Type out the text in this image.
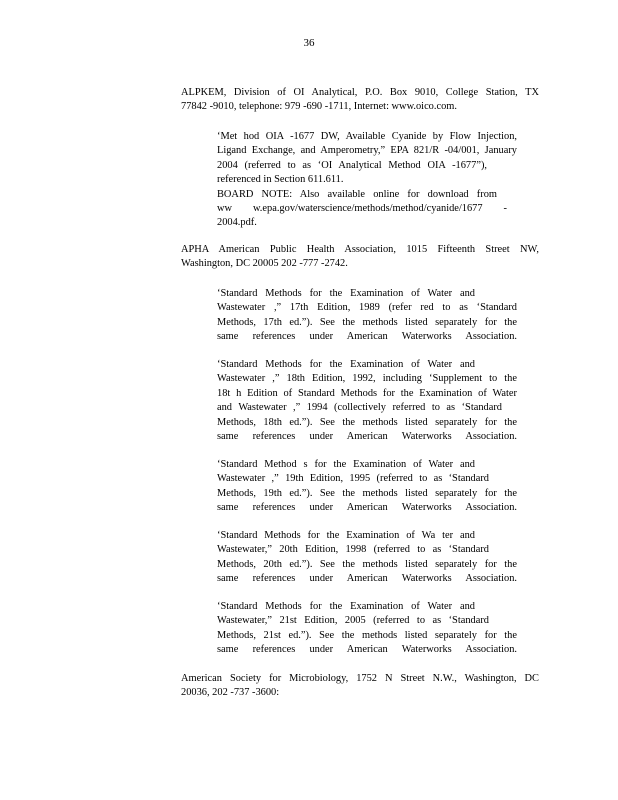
36
ALPKEM, Division of OI Analytical, P.O. Box 9010, College Station, TX
77842 -9010, telephone: 979 -690 -1711, Internet: www.oico.com.
‘Met hod OIA -1677 DW, Available Cyanide by Flow Injection,
Ligand Exchange, and Amperometry,” EPA 821/R -04/001, January
2004 (referred to as ‘OI Analytical Method OIA -1677”),
referenced in Section 611.611.
BOARD NOTE: Also available online for download from
ww w.epa.gov/waterscience/methods/method/cyanide/1677 -
2004.pdf.
APHA American Public Health Association, 1015 Fifteenth Street NW,
Washington, DC 20005 202 -777 -2742.
‘Standard Methods for the Examination of Water and
Wastewater ,” 17th Edition, 1989 (refer red to as ‘Standard
Methods, 17th ed.”). See the methods listed separately for the
same references under American Waterworks Association.
‘Standard Methods for the Examination of Water and
Wastewater ,” 18th Edition, 1992, including ‘Supplement to the
18t h Edition of Standard Methods for the Examination of Water
and Wastewater ,” 1994 (collectively referred to as ‘Standard
Methods, 18th ed.”). See the methods listed separately for the
same references under American Waterworks Association.
‘Standard Method s for the Examination of Water and
Wastewater ,” 19th Edition, 1995 (referred to as ‘Standard
Methods, 19th ed.”). See the methods listed separately for the
same references under American Waterworks Association.
‘Standard Methods for the Examination of Wa ter and
Wastewater,” 20th Edition, 1998 (referred to as ‘Standard
Methods, 20th ed.”). See the methods listed separately for the
same references under American Waterworks Association.
‘Standard Methods for the Examination of Water and
Wastewater,” 21st Edition, 2005 (referred to as ‘Standard
Methods, 21st ed.”). See the methods listed separately for the
same references under American Waterworks Association.
American Society for Microbiology, 1752 N Street N.W., Washington, DC
20036, 202 -737 -3600:
